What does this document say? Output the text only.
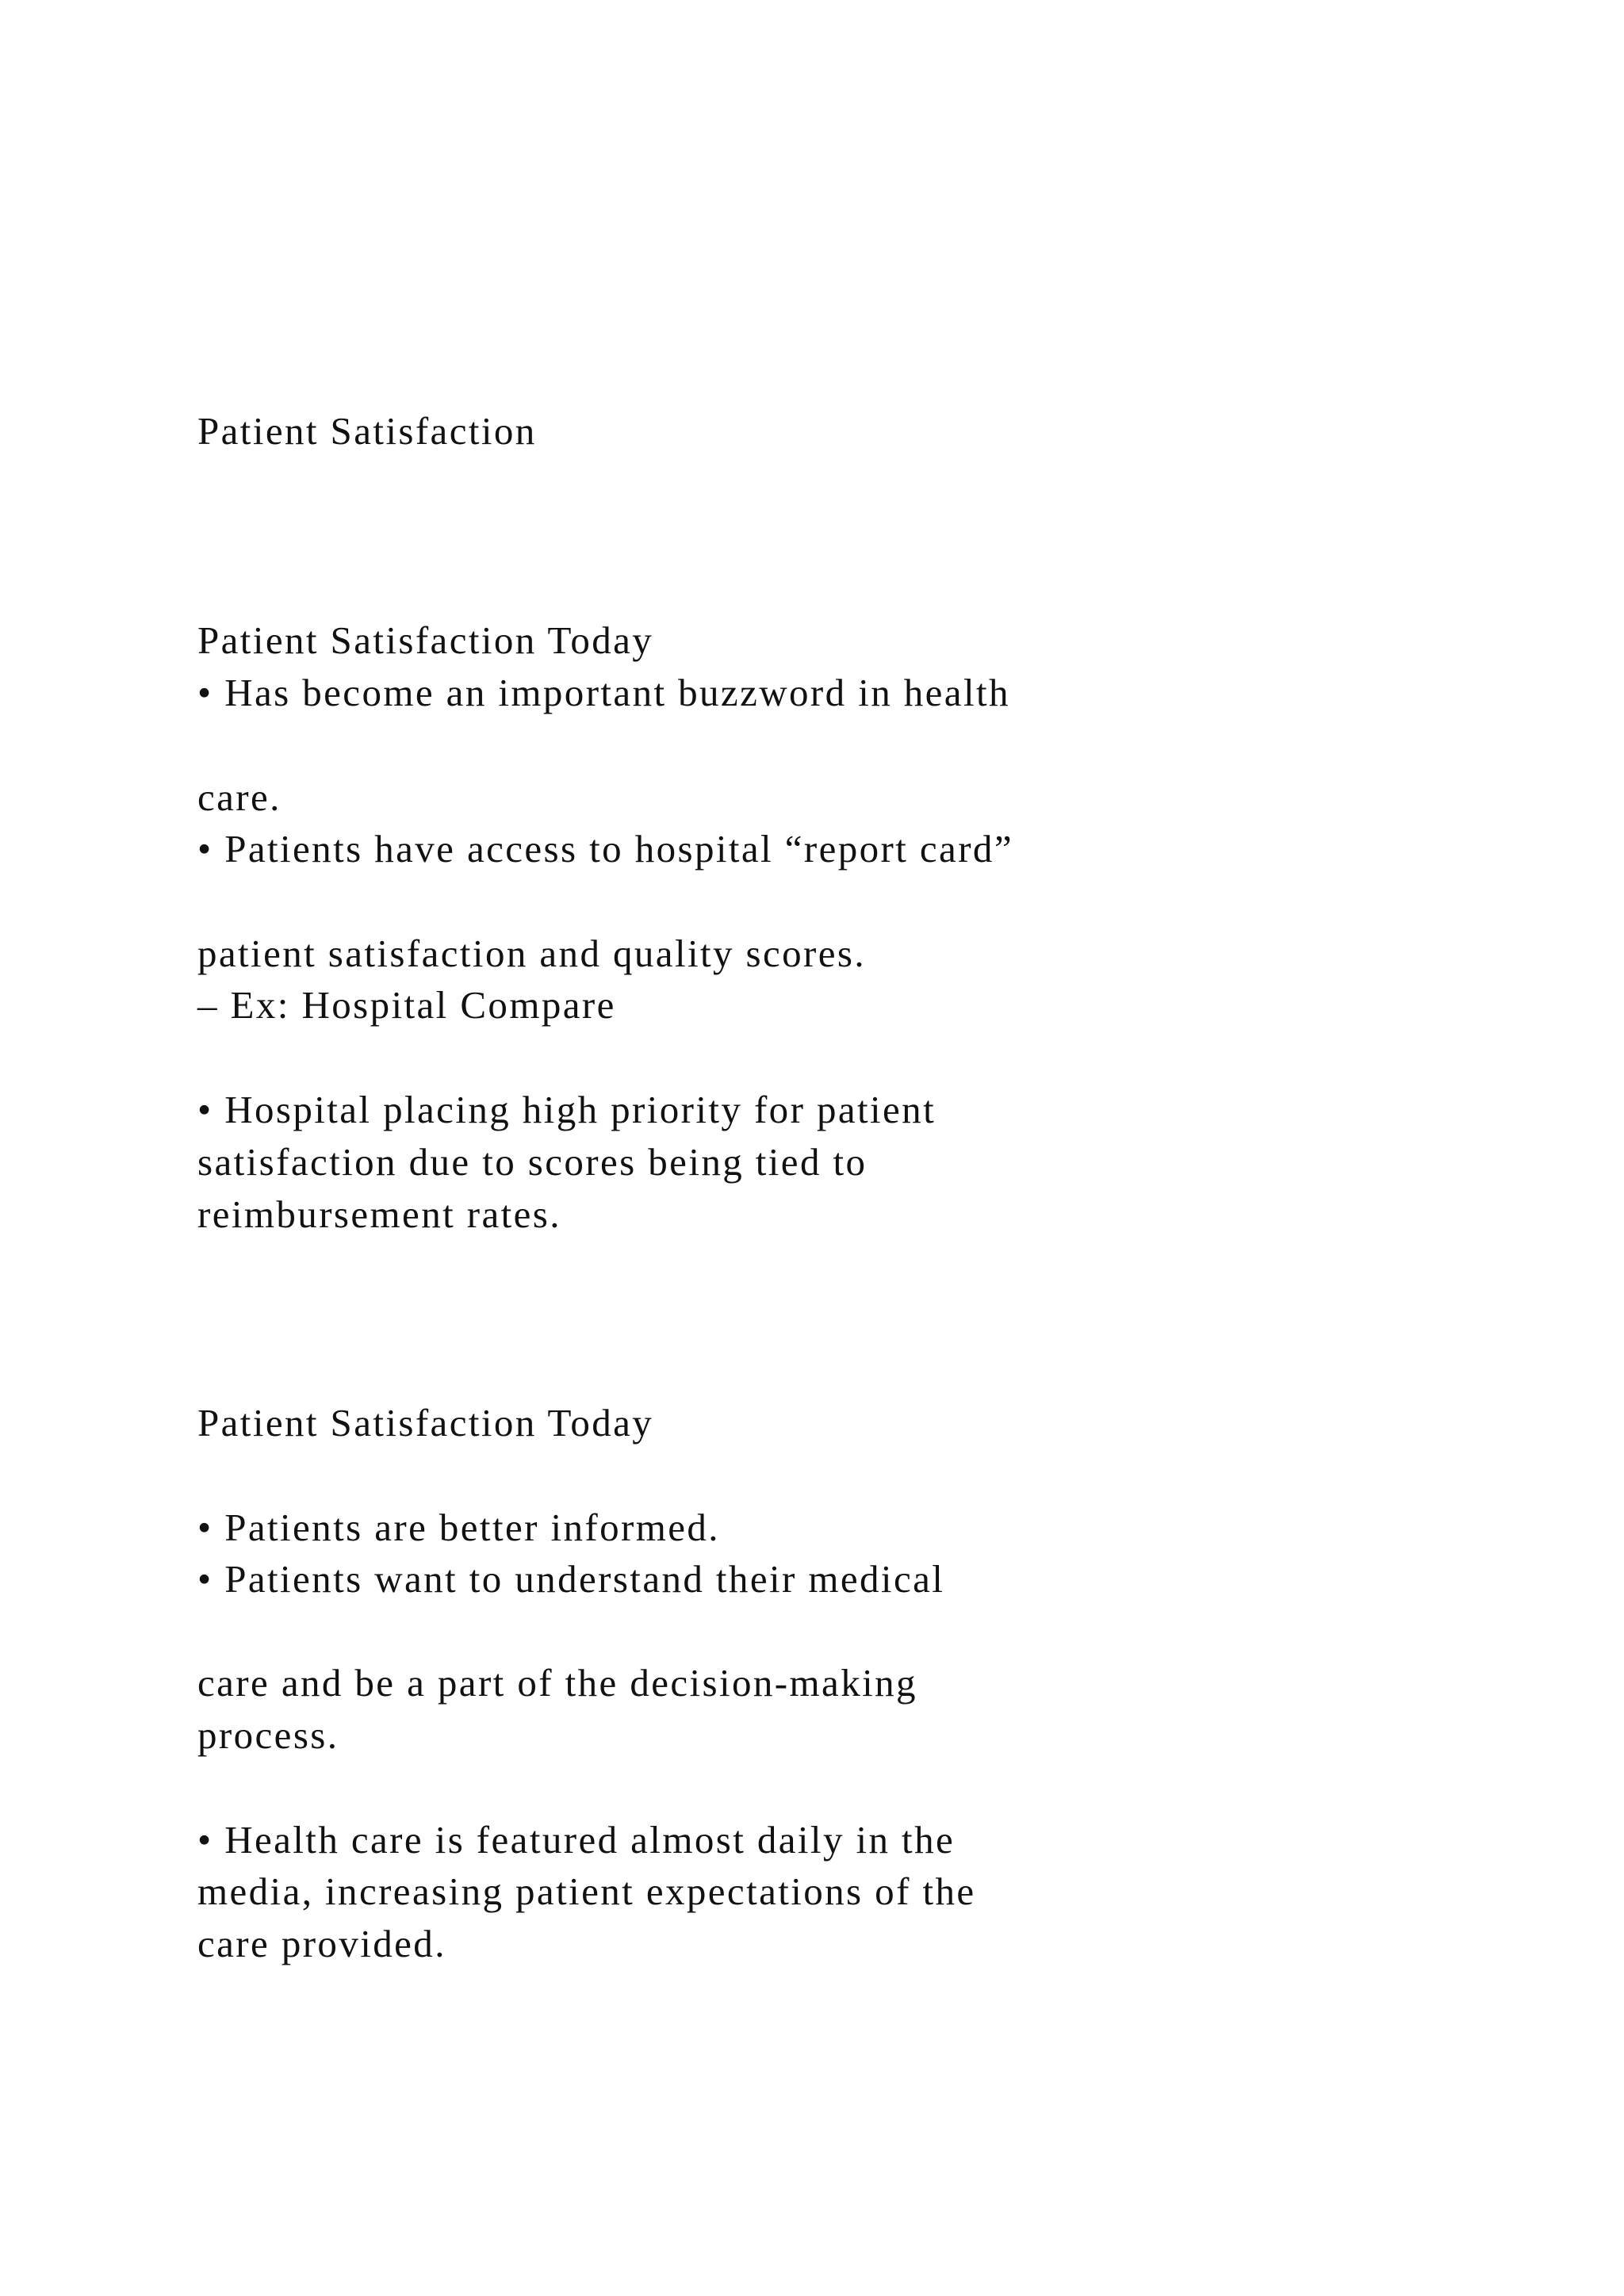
Patient Satisfaction
Patient Satisfaction Today
• Has become an important buzzword in health
care.
• Patients have access to hospital “report card”
patient satisfaction and quality scores.
– Ex: Hospital Compare
• Hospital placing high priority for patient
satisfaction due to scores being tied to
reimbursement rates.
Patient Satisfaction Today
• Patients are better informed.
• Patients want to understand their medical
care and be a part of the decision-making
process.
• Health care is featured almost daily in the
media, increasing patient expectations of the
care provided.
